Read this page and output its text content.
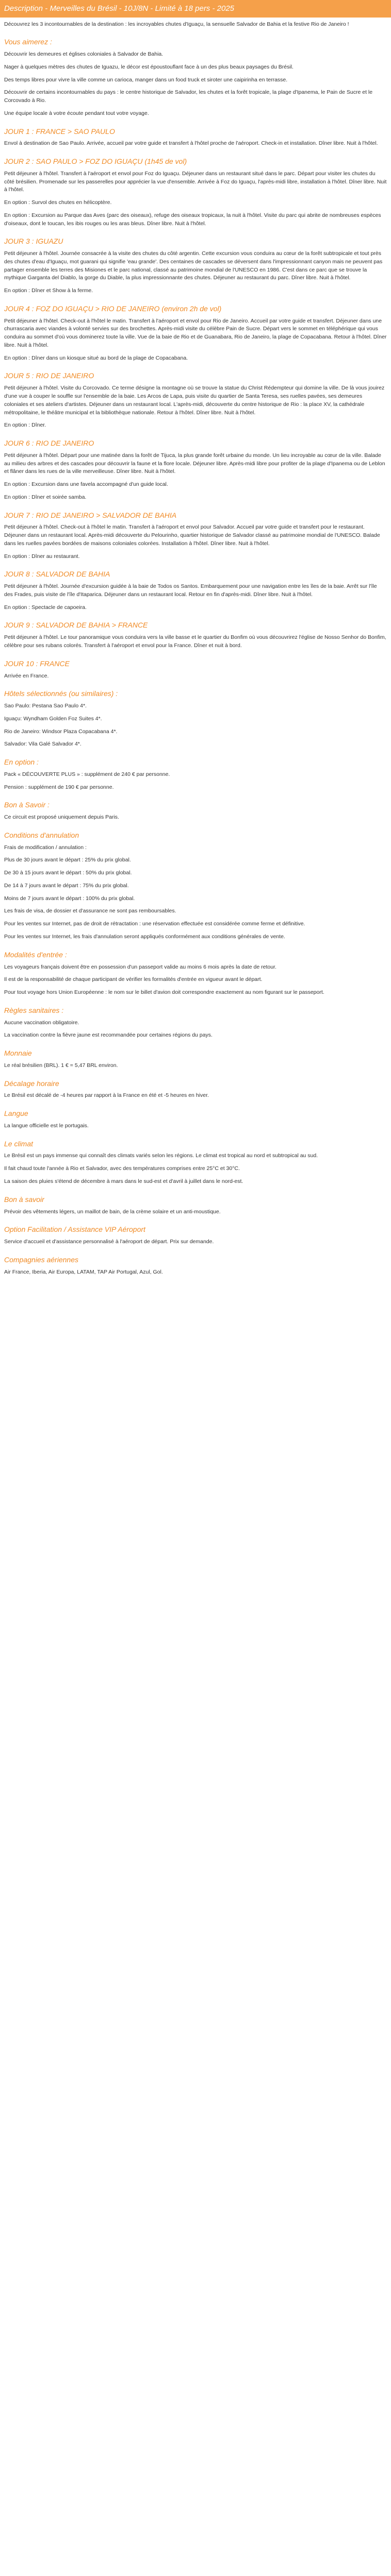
Description - Merveilles du Brésil - 10J/8N - Limité à 18 pers - 2025

Découvrez les 3 incontournables de la destination : les incroyables chutes d'Iguaçu, la sensuelle Salvador de Bahia et la festive Rio de Janeiro !

Vous aimerez :

Découvrir les demeures et églises coloniales à Salvador de Bahia.

Nager à quelques mètres des chutes de Iguazu, le décor est époustouflant face à un des plus beaux paysages du Brésil.

Des temps libres pour vivre la ville comme un carioca, manger dans un food truck et siroter une caipirinha en terrasse.

Découvrir de certains incontournables du pays : le centre historique de Salvador, les chutes et la forêt tropicale, la plage d'Ipanema, le Pain de Sucre et le Corcovado à Rio.

Une équipe locale à votre écoute pendant tout votre voyage.

JOUR 1 : FRANCE > SAO PAULO

Envol à destination de Sao Paulo. Arrivée, accueil par votre guide et transfert à l'hôtel proche de l'aéroport. Check-in et installation. Dîner libre. Nuit à l'hôtel.

JOUR 2 : SAO PAULO > FOZ DO IGUAÇU (1h45 de vol)

Petit déjeuner à l'hôtel. Transfert à l'aéroport et envol pour Foz do Iguaçu. Déjeuner dans un restaurant situé dans le parc. Départ pour visiter les chutes du côté brésilien. Promenade sur les passerelles pour apprécier la vue d'ensemble. Arrivée à Foz do Iguaçu, l'après-midi libre, installation à l'hôtel. Dîner libre. Nuit à l'hôtel.

En option : Survol des chutes en hélicoptère.

En option : Excursion au Parque das Aves (parc des oiseaux), refuge des oiseaux tropicaux, la nuit à l'hôtel. Visite du parc qui abrite de nombreuses espèces d'oiseaux, dont le toucan, les ibis rouges ou les aras bleus. Dîner libre. Nuit à l'hôtel.

JOUR 3 : IGUAZU

Petit déjeuner à l'hôtel. Journée consacrée à la visite des chutes du côté argentin. Cette excursion vous conduira au cœur de la forêt subtropicale et tout près des chutes d'eau d'Iguaçu, mot guarani qui signifie 'eau grande'. Des centaines de cascades se déversent dans l'impressionnant canyon mais ne peuvent pas partager ensemble les terres des Misiones et le parc national, classé au patrimoine mondial de l'UNESCO en 1986. C'est dans ce parc que se trouve la mythique Garganta del Diablo, la gorge du Diable, la plus impressionnante des chutes. Déjeuner au restaurant du parc. Dîner libre. Nuit à l'hôtel.

En option : Dîner et Show à la ferme.

JOUR 4 : FOZ DO IGUAÇU > RIO DE JANEIRO (environ 2h de vol)

Petit déjeuner à l'hôtel. Check-out à l'hôtel le matin. Transfert à l'aéroport et envol pour Rio de Janeiro. Accueil par votre guide et transfert. Déjeuner dans une churrascaria avec viandes à volonté servies sur des brochettes. Après-midi visite du célèbre Pain de Sucre. Départ vers le sommet en téléphérique qui vous conduira au sommet d'où vous dominerez toute la ville. Vue de la baie de Rio et de Guanabara, Rio de Janeiro, la plage de Copacabana. Retour à l'hôtel. Dîner libre. Nuit à l'hôtel.

En option : Dîner dans un kiosque situé au bord de la plage de Copacabana.

JOUR 5 : RIO DE JANEIRO

Petit déjeuner à l'hôtel. Visite du Corcovado. Ce terme désigne la montagne où se trouve la statue du Christ Rédempteur qui domine la ville. De là vous jouirez d'une vue à couper le souffle sur l'ensemble de la baie. Les Arcos de Lapa, puis visite du quartier de Santa Teresa, ses ruelles pavées, ses demeures coloniales et ses ateliers d'artistes. Déjeuner dans un restaurant local. L'après-midi, découverte du centre historique de Rio : la place XV, la cathédrale métropolitaine, le théâtre municipal et la bibliothèque nationale. Retour à l'hôtel. Dîner libre. Nuit à l'hôtel.

En option : Dîner.

JOUR 6 : RIO DE JANEIRO

Petit déjeuner à l'hôtel. Départ pour une matinée dans la forêt de Tijuca, la plus grande forêt urbaine du monde. Un lieu incroyable au cœur de la ville. Balade au milieu des arbres et des cascades pour découvrir la faune et la flore locale. Déjeuner libre. Après-midi libre pour profiter de la plage d'Ipanema ou de Leblon et flâner dans les rues de la ville merveilleuse. Dîner libre. Nuit à l'hôtel.

En option : Excursion dans une favela accompagné d'un guide local.

En option : Dîner et soirée samba.

JOUR 7 : RIO DE JANEIRO > SALVADOR DE BAHIA

Petit déjeuner à l'hôtel. Check-out à l'hôtel le matin. Transfert à l'aéroport et envol pour Salvador. Accueil par votre guide et transfert pour le restaurant. Déjeuner dans un restaurant local. Après-midi découverte du Pelourinho, quartier historique de Salvador classé au patrimoine mondial de l'UNESCO. Balade dans les ruelles pavées bordées de maisons coloniales colorées. Installation à l'hôtel. Dîner libre. Nuit à l'hôtel.

En option : Dîner au restaurant.

JOUR 8 : SALVADOR DE BAHIA

Petit déjeuner à l'hôtel. Journée d'excursion guidée à la baie de Todos os Santos. Embarquement pour une navigation entre les îles de la baie. Arrêt sur l'île des Frades, puis visite de l'île d'Itaparica. Déjeuner dans un restaurant local. Retour en fin d'après-midi. Dîner libre. Nuit à l'hôtel.

En option : Spectacle de capoeira.

JOUR 9 : SALVADOR DE BAHIA > FRANCE

Petit déjeuner à l'hôtel. Le tour panoramique vous conduira vers la ville basse et le quartier du Bonfim où vous découvrirez l'église de Nosso Senhor do Bonfim, célèbre pour ses rubans colorés. Transfert à l'aéroport et envol pour la France. Dîner et nuit à bord.

JOUR 10 : FRANCE

Arrivée en France.

Hôtels sélectionnés (ou similaires) :

Sao Paulo: Pestana Sao Paulo 4*.

Iguaçu: Wyndham Golden Foz Suites 4*.

Rio de Janeiro: Windsor Plaza Copacabana 4*.

Salvador: Vila Galé Salvador 4*.

En option :

Pack « DÉCOUVERTE PLUS » : supplément de 240 € par personne.

Pension : supplément de 190 € par personne.

Bon à Savoir :

Ce circuit est proposé uniquement depuis Paris.

Conditions d'annulation

Frais de modification / annulation :

Plus de 30 jours avant le départ : 25% du prix global.

De 30 à 15 jours avant le départ : 50% du prix global.

De 14 à 7 jours avant le départ : 75% du prix global.

Moins de 7 jours avant le départ : 100% du prix global.

Les frais de visa, de dossier et d'assurance ne sont pas remboursables.

Pour les ventes sur Internet, pas de droit de rétractation : une réservation effectuée est considérée comme ferme et définitive.

Pour les ventes sur Internet, les frais d'annulation seront appliqués conformément aux conditions générales de vente.

Modalités d'entrée :

Les voyageurs français doivent être en possession d'un passeport valide au moins 6 mois après la date de retour.

Il est de la responsabilité de chaque participant de vérifier les formalités d'entrée en vigueur avant le départ.

Pour tout voyage hors Union Européenne : le nom sur le billet d'avion doit correspondre exactement au nom figurant sur le passeport.

Règles sanitaires :

Aucune vaccination obligatoire.

La vaccination contre la fièvre jaune est recommandée pour certaines régions du pays.

Monnaie

Le réal brésilien (BRL). 1 € = 5,47 BRL environ.

Décalage horaire

Le Brésil est décalé de -4 heures par rapport à la France en été et -5 heures en hiver.

Langue

La langue officielle est le portugais.

Le climat

Le Brésil est un pays immense qui connaît des climats variés selon les régions. Le climat est tropical au nord et subtropical au sud.

Il fait chaud toute l'année à Rio et Salvador, avec des températures comprises entre 25°C et 30°C.

La saison des pluies s'étend de décembre à mars dans le sud-est et d'avril à juillet dans le nord-est.

Bon à savoir

Prévoir des vêtements légers, un maillot de bain, de la crème solaire et un anti-moustique.

Option Facilitation / Assistance VIP Aéroport

Service d'accueil et d'assistance personnalisé à l'aéroport de départ. Prix sur demande.

Compagnies aériennes

Air France, Iberia, Air Europa, LATAM, TAP Air Portugal, Azul, Gol.
